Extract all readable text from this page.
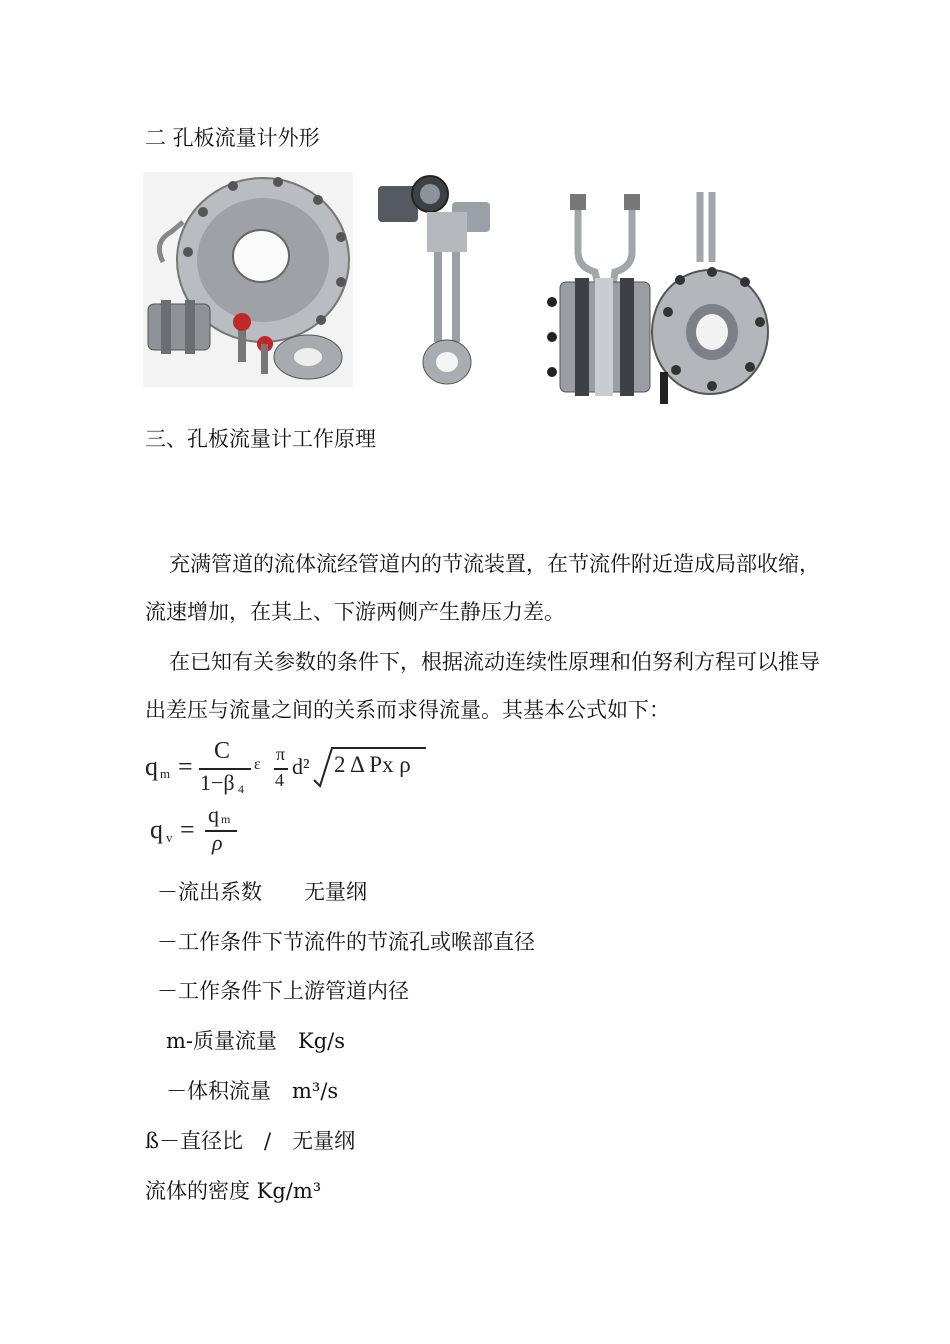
二 孔板流量计外形
三、孔板流量计工作原理
充满管道的流体流经管道内的节流装置，在节流件附近造成局部收缩，流速增加，在其上、下游两侧产生静压力差。
在已知有关参数的条件下，根据流动连续性原理和伯努利方程可以推导出差压与流量之间的关系而求得流量。其基本公式如下：
q m =
C
1−β 4
ε
π
4
d² 2 Δ Px ρ
q v =
q m
ρ
－流出系数　　无量纲
－工作条件下节流件的节流孔或喉部直径
－工作条件下上游管道内径
m-质量流量　Kg/s
－体积流量　m³/s
ß－直径比　/　无量纲
流体的密度 Kg/m³
